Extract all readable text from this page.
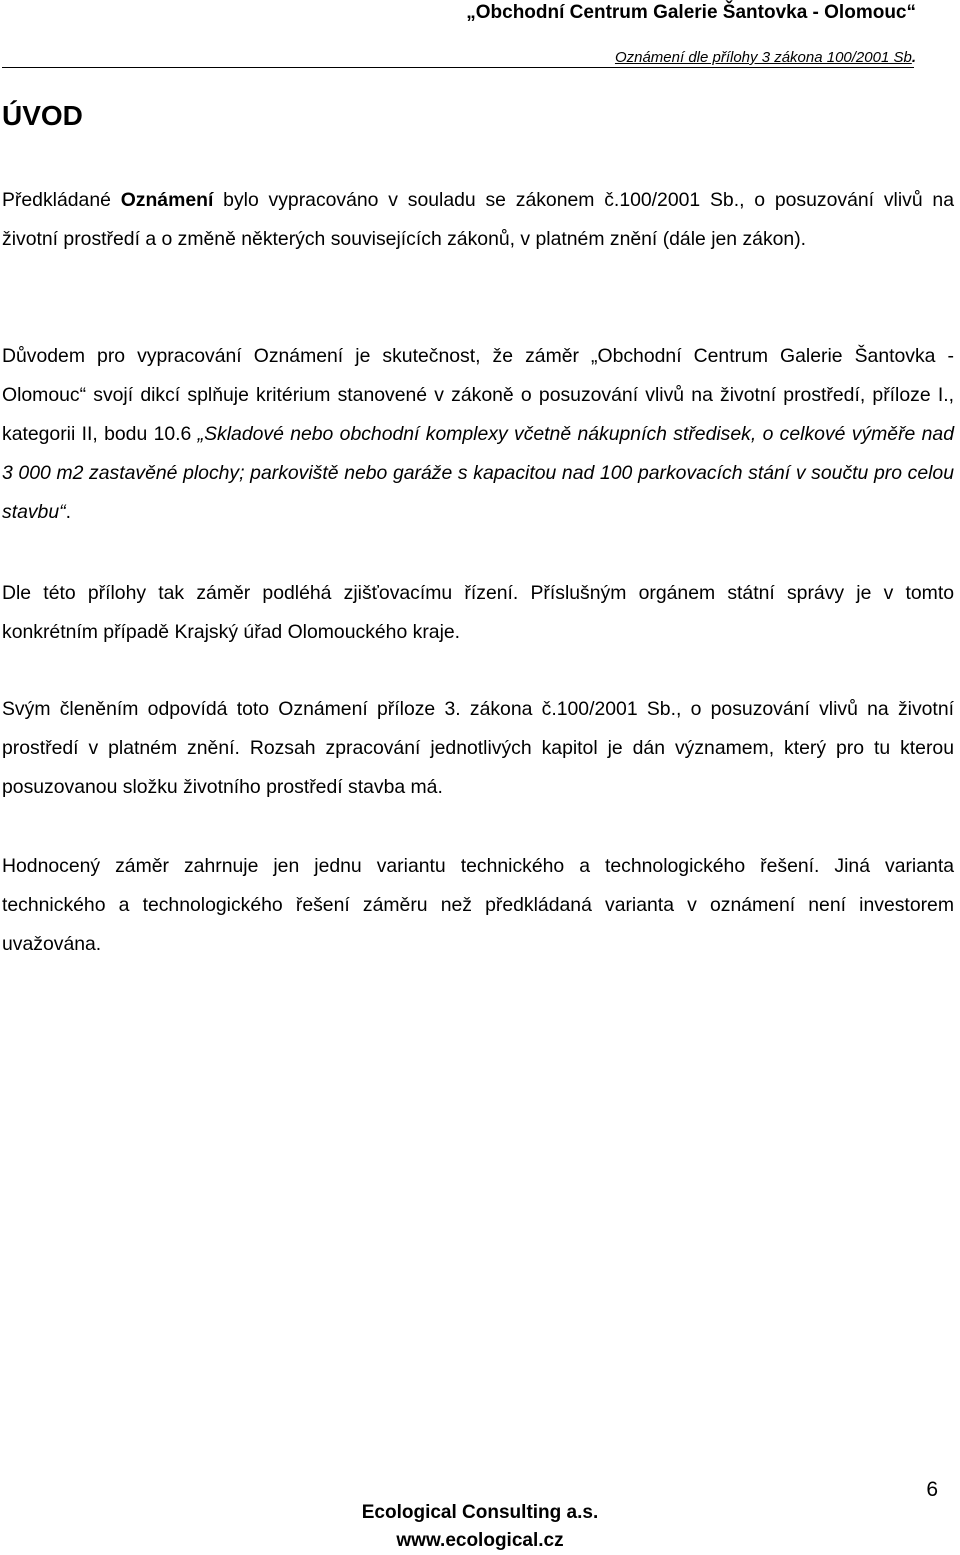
„Obchodní Centrum Galerie Šantovka - Olomouc“
Oznámení dle přílohy 3 zákona 100/2001 Sb.
ÚVOD

Předkládané Oznámení bylo vypracováno v souladu se zákonem č.100/2001 Sb., o posuzování vlivů na životní prostředí a o změně některých souvisejících zákonů, v platném znění (dále jen zákon).

Důvodem pro vypracování Oznámení je skutečnost, že záměr „Obchodní Centrum Galerie Šantovka - Olomouc“ svojí dikcí splňuje kritérium stanovené v zákoně o posuzování vlivů na životní prostředí, příloze I., kategorii II, bodu 10.6 „Skladové nebo obchodní komplexy včetně nákupních středisek, o celkové výměře nad 3 000 m2 zastavěné plochy; parkoviště nebo garáže s kapacitou nad 100 parkovacích stání v součtu pro celou stavbu“.

Dle této přílohy tak záměr podléhá zjišťovacímu řízení. Příslušným orgánem státní správy je v tomto konkrétním případě Krajský úřad Olomouckého kraje.

Svým členěním odpovídá toto Oznámení příloze 3. zákona č.100/2001 Sb., o posuzování vlivů na životní prostředí v platném znění. Rozsah zpracování jednotlivých kapitol je dán významem, který pro tu kterou posuzovanou složku životního prostředí stavba má.

Hodnocený záměr zahrnuje jen jednu variantu technického a technologického řešení. Jiná varianta technického a technologického řešení záměru než předkládaná varianta v oznámení není investorem uvažována.

6
Ecological Consulting a.s.
www.ecological.cz
